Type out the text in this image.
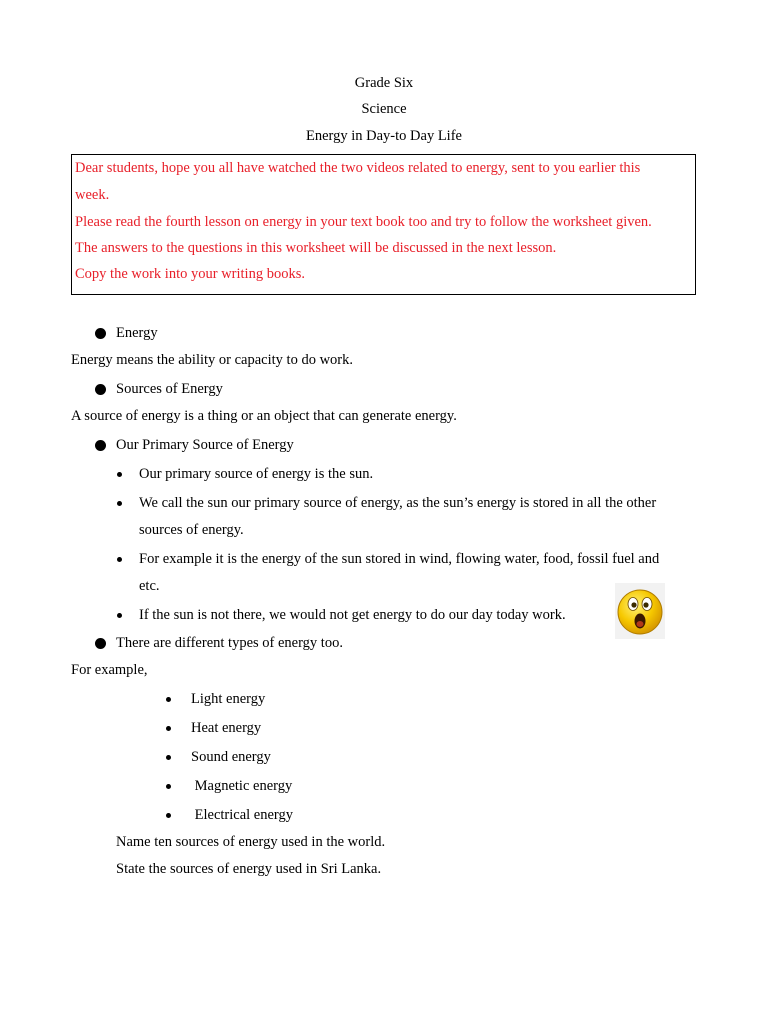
Grade Six
Science
Energy in Day-to Day Life
Dear students, hope you all have watched the two videos related to energy, sent to you earlier this
week.
Please read the fourth lesson on energy in your text book too and try to follow the worksheet given.
The answers to the questions in this worksheet will be discussed in the next lesson.
Copy the work into your writing books.
Energy
Energy means the ability or capacity to do work.
Sources of Energy
A source of energy is a thing or an object that can generate energy.
Our Primary Source of Energy
Our primary source of energy is the sun.
We call the sun our primary source of energy, as the sun’s energy is stored in all the other
sources of energy.
For example it is the energy of the sun stored in wind, flowing water, food, fossil fuel and
etc.
If the sun is not there, we would not get energy to do our day today work.
There are different types of energy too.
For example,
Light energy
Heat energy
Sound energy
Magnetic energy
Electrical energy
Name ten sources of energy used in the world.
State the sources of energy used in Sri Lanka.
